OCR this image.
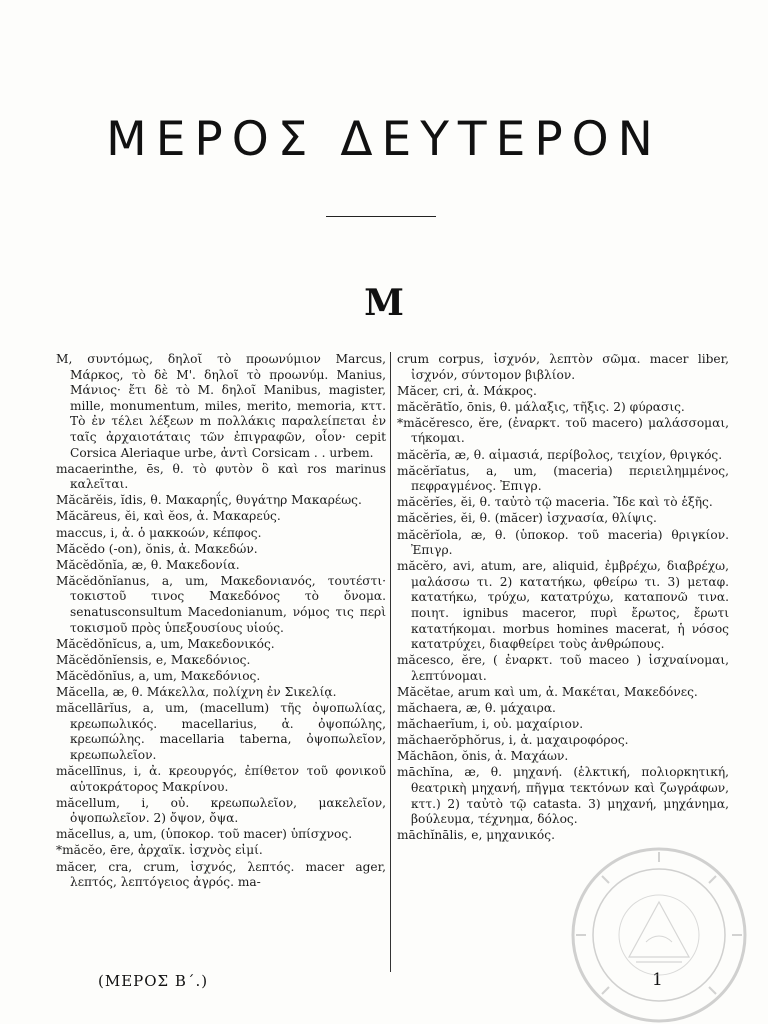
ΜΕΡΟΣ ΔΕΥΤΕΡΟΝ
Μ

Μ, συντόμως, δηλοῖ τὸ προωνύμιον Marcus, Μάρκος, τὸ δὲ Μ'. δηλοῖ τὸ προωνύμ. Manius, Μάνιος· ἔτι δὲ τὸ Μ. δηλοῖ Manibus, magister, mille, monumentum, miles, merito, memoria, κττ. Τὸ ἐν τέλει λέξεων m πολλάκις παραλείπεται ἐν ταῖς ἀρχαιοτάταις τῶν ἐπιγραφῶν, οἷον· cepit Corsica Aleriaque urbe, ἀντὶ Corsicam . . urbem.

macaerinthe, ēs, θ. τὸ φυτὸν ὃ καὶ ros marinus καλεῖται.

Măcărĕis, ĭdis, θ. Μακαρηΐς, θυγάτηρ Μακαρέως.

Măcăreus, ĕi, καὶ ĕos, ἀ. Μακαρεύς.

maccus, i, ἀ. ὁ μακκοών, κέπφος.

Măcĕdo (-on), ŏnis, ἀ. Μακεδών.

Măcĕdŏnĭa, æ, θ. Μακεδονία.

Măcĕdŏnĭanus, a, um, Μακεδονιανός, τουτέστι· τοκιστοῦ τινος Μακεδόνος τὸ ὄνομα. senatusconsultum Macedonianum, νόμος τις περὶ τοκισμοῦ πρὸς ὑπεξουσίους υἱούς.

Măcĕdŏnĭcus, a, um, Μακεδονικός.

Măcĕdŏnĭensis, e, Μακεδόνιος.

Măcĕdŏnĭus, a, um, Μακεδόνιος.

Măcella, æ, θ. Μάκελλα, πολίχνη ἐν Σικελίᾳ.

măcellārĭus, a, um, (macellum) τῆς ὀψοπωλίας, κρεωπωλικός. macellarius, ἀ. ὀψοπώλης, κρεωπώλης. macellaria taberna, ὀψοπωλεῖον, κρεωπωλεῖον.

măcellīnus, i, ἀ. κρεουργός, ἐπίθετον τοῦ φονικοῦ αὐτοκράτορος Μακρίνου.

măcellum, i, οὐ. κρεωπωλεῖον, μακελεῖον, ὀψοπωλεῖον. 2) ὄψον, ὄψα.

măcellus, a, um, (ὑποκορ. τοῦ macer) ὑπίσχνος.

*măcĕo, ēre, ἀρχαϊκ. ἰσχνὸς εἰμί.

măcer, cra, crum, ἰσχνός, λεπτός. macer ager, λεπτός, λεπτόγειος ἀγρός. ma-

crum corpus, ἰσχνόν, λεπτὸν σῶμα. macer liber, ἰσχνόν, σύντομον βιβλίον.

Măcer, cri, ἀ. Μάκρος.

măcĕrātĭo, ōnis, θ. μάλαξις, τῆξις. 2) φύρασις.

*măcĕresco, ĕre, (ἐναρκτ. τοῦ macero) μαλάσσομαι, τήκομαι.

măcĕrĭa, æ, θ. αἱμασιά, περίβολος, τειχίον, θριγκός.

măcĕrĭatus, a, um, (maceria) περιειλημμένος, πεφραγμένος. Ἐπιγρ.

măcĕrĭes, ĕi, θ. ταὐτὸ τῷ maceria. Ἴδε καὶ τὸ ἑξῆς.

măcĕries, ĕi, θ. (măcer) ἰσχνασία, θλίψις.

măcĕrĭola, æ, θ. (ὑποκορ. τοῦ maceria) θριγκίον. Ἐπιγρ.

măcĕro, avi, atum, are, aliquid, ἐμβρέχω, διαβρέχω, μαλάσσω τι. 2) κατατήκω, φθείρω τι. 3) μεταφ. κατατήκω, τρύχω, κατατρύχω, καταπονῶ τινα. ποιητ. ignibus maceror, πυρὶ ἔρωτος, ἔρωτι κατατήκομαι. morbus homines macerat, ἡ νόσος κατατρύχει, διαφθείρει τοὺς ἀνθρώπους.

măcesco, ĕre, ( ἐναρκτ. τοῦ maceo ) ἰσχναίνομαι, λεπτύνομαι.

Măcĕtae, arum καὶ um, ἀ. Μακέται, Μακεδόνες.

măchaera, æ, θ. μάχαιρα.

măchaerĭum, i, οὐ. μαχαίριον.

măchaerŏphŏrus, i, ἀ. μαχαιροφόρος.

Măchāon, ŏnis, ἀ. Μαχάων.

māchĭna, æ, θ. μηχανή. (ἑλκτική, πολιορκητική, θεατρικὴ μηχανή, πῆγμα τεκτόνων καὶ ζωγράφων, κττ.) 2) ταὐτὸ τῷ catasta. 3) μηχανή, μηχάνημα, βούλευμα, τέχνημα, δόλος.

māchĭnālis, e, μηχανικός.

(ΜΕΡΟΣ Β΄.)	1
